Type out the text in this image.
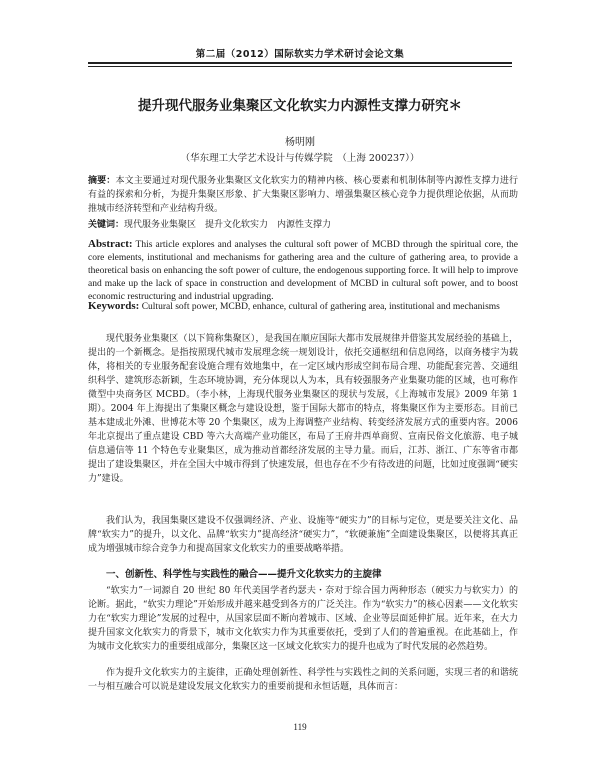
第二届（2012）国际软实力学术研讨会论文集
提升现代服务业集聚区文化软实力内源性支撑力研究＊
杨明刚
（华东理工大学艺术设计与传媒学院　（上海 200237））
摘要：本文主要通过对现代服务业集聚区文化软实力的精神内核、核心要素和机制体制等内源性支撑力进行有益的探索和分析，为提升集聚区形象、扩大集聚区影响力、增强集聚区核心竞争力提供理论依据，从而助推城市经济转型和产业结构升级。
关键词：现代服务业集聚区　提升文化软实力　内源性支撑力
Abstract: This article explores and analyses the cultural soft power of MCBD through the spiritual core, the core elements, institutional and mechanisms for gathering area and the culture of gathering area, to provide a theoretical basis on enhancing the soft power of culture, the endogenous supporting force. It will help to improve and make up the lack of space in construction and development of MCBD in cultural soft power, and to boost economic restructuring and industrial upgrading.
Keywords: Cultural soft power, MCBD, enhance, cultural of gathering area, institutional and mechanisms
现代服务业集聚区（以下简称集聚区），是我国在顺应国际大都市发展规律并借鉴其发展经验的基础上，提出的一个新概念。是指按照现代城市发展理念统一规划设计，依托交通枢纽和信息网络，以商务楼宇为载体，将相关的专业服务配套设施合理有效地集中，在一定区域内形成空间布局合理、功能配套完善、交通组织科学、建筑形态新颖，生态环境协调，充分体现以人为本，具有较强服务产业集聚功能的区域，也可称作微型中央商务区 MCBD。（李小林，上海现代服务业集聚区的现状与发展，《上海城市发展》2009 年第 1 期）。2004 年上海提出了集聚区概念与建设设想，鉴于国际大都市的特点，将集聚区作为主要形态。目前已基本建成北外滩、世博花木等 20 个集聚区，成为上海调整产业结构、转变经济发展方式的重要内容。2006 年北京提出了重点建设 CBD 等六大高端产业功能区，布局了王府井西单商贸、宣南民俗文化旅游、电子城信息通信等 11 个特色专业聚集区，成为推动首都经济发展的主导力量。而后，江苏、浙江、广东等省市都提出了建设集聚区，并在全国大中城市得到了快速发展，但也存在不少有待改进的问题，比如过度强调“硬实力”建设。
我们认为，我国集聚区建设不仅强调经济、产业、设施等“硬实力”的目标与定位，更是要关注文化、品牌“软实力”的提升，以文化、品牌“软实力”提高经济“硬实力”，“软硬兼施”全面建设集聚区，以便将其真正成为增强城市综合竞争力和提高国家文化软实力的重要战略举措。
一、创新性、科学性与实践性的融合——提升文化软实力的主旋律
“软实力”一词源自 20 世纪 80 年代美国学者约瑟夫・奈对于综合国力两种形态（硬实力与软实力）的论断。据此，“软实力理论”开始形成并越来越受到各方的广泛关注。作为“软实力”的核心因素——文化软实力在“软实力理论”发展的过程中，从国家层面不断向着城市、区域、企业等层面延伸扩展。近年来，在大力提升国家文化软实力的背景下，城市文化软实力作为其重要依托，受到了人们的普遍重视。在此基础上，作为城市文化软实力的重要组成部分，集聚区这一区域文化软实力的提升也成为了时代发展的必然趋势。
作为提升文化软实力的主旋律，正确处理创新性、科学性与实践性之间的关系问题，实现三者的和谐统一与相互融合可以说是建设发展文化软实力的重要前提和永恒话题，具体而言：
119
